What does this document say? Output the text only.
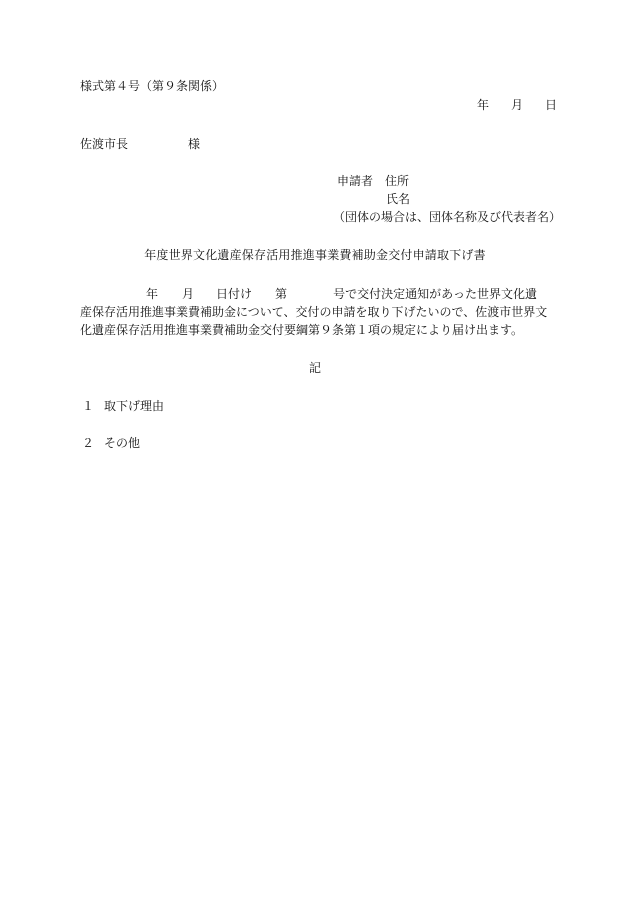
様式第４号（第９条関係）
年 月 日
佐渡市長	様
申請者 住所
氏名
（団体の場合は、団体名称及び代表者名）
年度世界文化遺産保存活用推進事業費補助金交付申請取下げ書
年 月 日付け 第	号で交付決定通知があった世界文化遺
産保存活用推進事業費補助金について、交付の申請を取り下げたいので、佐渡市世界文
化遺産保存活用推進事業費補助金交付要綱第９条第１項の規定により届け出ます。
記
１ 取下げ理由
２ その他
